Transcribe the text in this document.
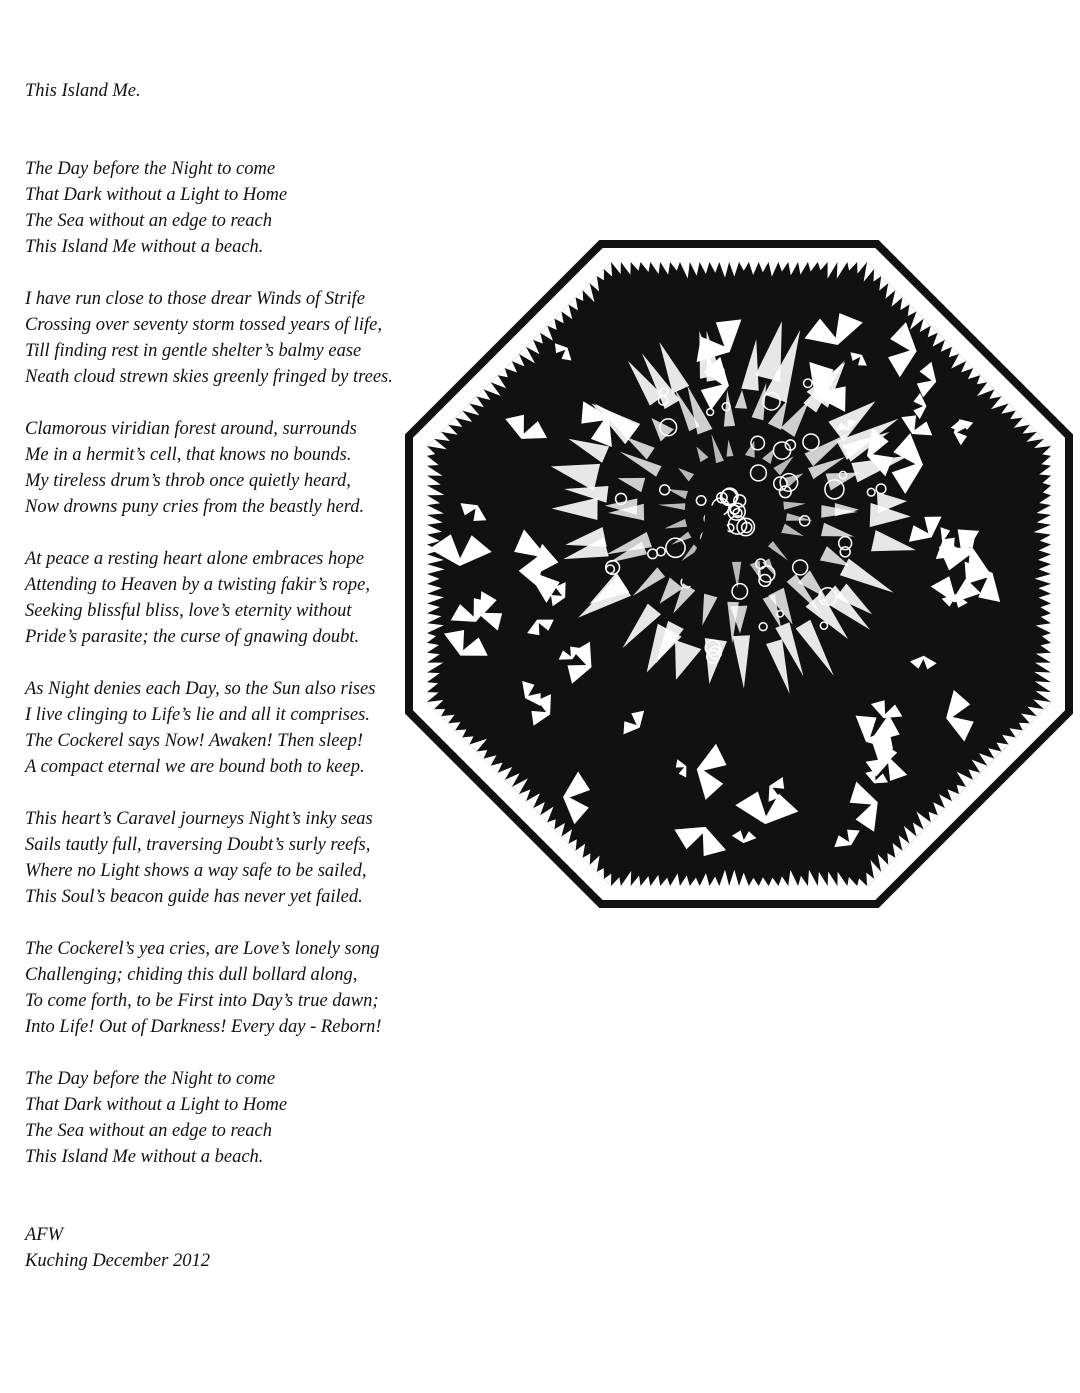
This Island Me.
The Day before the Night to come
That Dark without a Light to Home
The Sea without an edge to reach
This Island Me without a beach.
I have run close to those drear Winds of Strife
Crossing over seventy storm tossed years of life,
Till finding rest in gentle shelter’s balmy ease
Neath cloud strewn skies greenly fringed by trees.
Clamorous viridian forest around, surrounds
Me in a hermit’s cell, that knows no bounds.
My tireless drum’s throb once quietly heard,
Now drowns puny cries from the beastly herd.
At peace a resting heart alone embraces hope
Attending to Heaven by a twisting fakir’s rope,
Seeking blissful bliss, love’s eternity without
Pride’s parasite; the curse of gnawing doubt.
As Night denies each Day, so the Sun also rises
I live clinging to Life’s lie and all it comprises.
The Cockerel says Now! Awaken! Then sleep!
A compact eternal we are bound both to keep.
This heart’s Caravel journeys Night’s inky seas
Sails tautly full, traversing Doubt’s surly reefs,
Where no Light shows a way safe to be sailed,
This Soul’s beacon guide has never yet failed.
The Cockerel’s yea cries, are Love’s lonely song
Challenging; chiding this dull bollard along,
To come forth, to be First into Day’s true dawn;
Into Life! Out of Darkness! Every day - Reborn!
The Day before the Night to come
That Dark without a Light to Home
The Sea without an edge to reach
This Island Me without a beach.
AFW
Kuching December 2012
